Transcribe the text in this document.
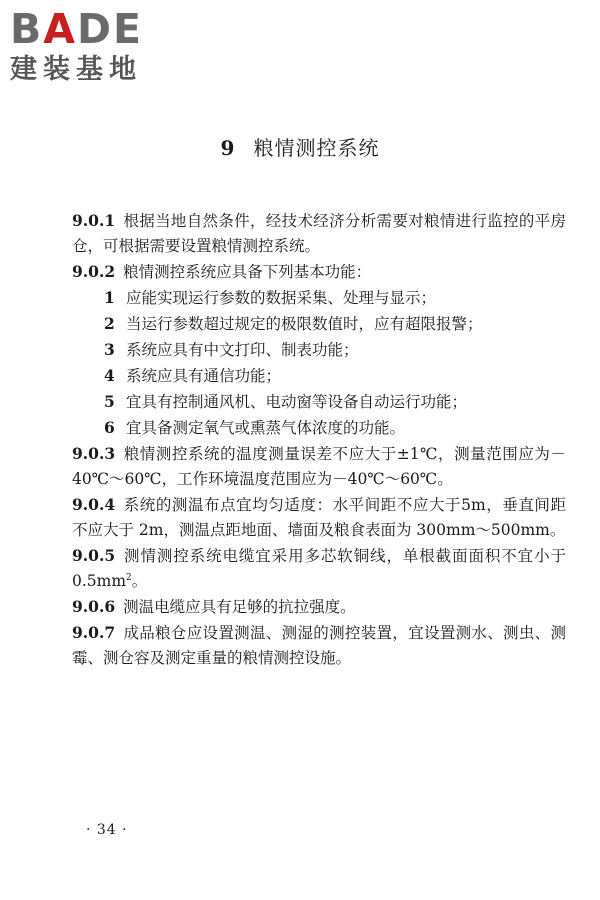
BADE
建装基地
9 粮情测控系统

9.0.1 根据当地自然条件，经技术经济分析需要对粮情进行监控的平房仓，可根据需要设置粮情测控系统。

9.0.2 粮情测控系统应具备下列基本功能：

1 应能实现运行参数的数据采集、处理与显示；

2 当运行参数超过规定的极限数值时，应有超限报警；

3 系统应具有中文打印、制表功能；

4 系统应具有通信功能；

5 宜具有控制通风机、电动窗等设备自动运行功能；

6 宜具备测定氧气或熏蒸气体浓度的功能。

9.0.3 粮情测控系统的温度测量误差不应大于±1℃，测量范围应为－40℃～60℃，工作环境温度范围应为－40℃～60℃。

9.0.4 系统的测温布点宜均匀适度：水平间距不应大于5m，垂直间距不应大于 2m，测温点距地面、墙面及粮食表面为 300mm～500mm。

9.0.5 测情测控系统电缆宜采用多芯软铜线，单根截面面积不宜小于 $0.5mm^2$。

9.0.6 测温电缆应具有足够的抗拉强度。

9.0.7 成品粮仓应设置测温、测湿的测控装置，宜设置测水、测虫、测霉、测仓容及测定重量的粮情测控设施。

· 34 ·
